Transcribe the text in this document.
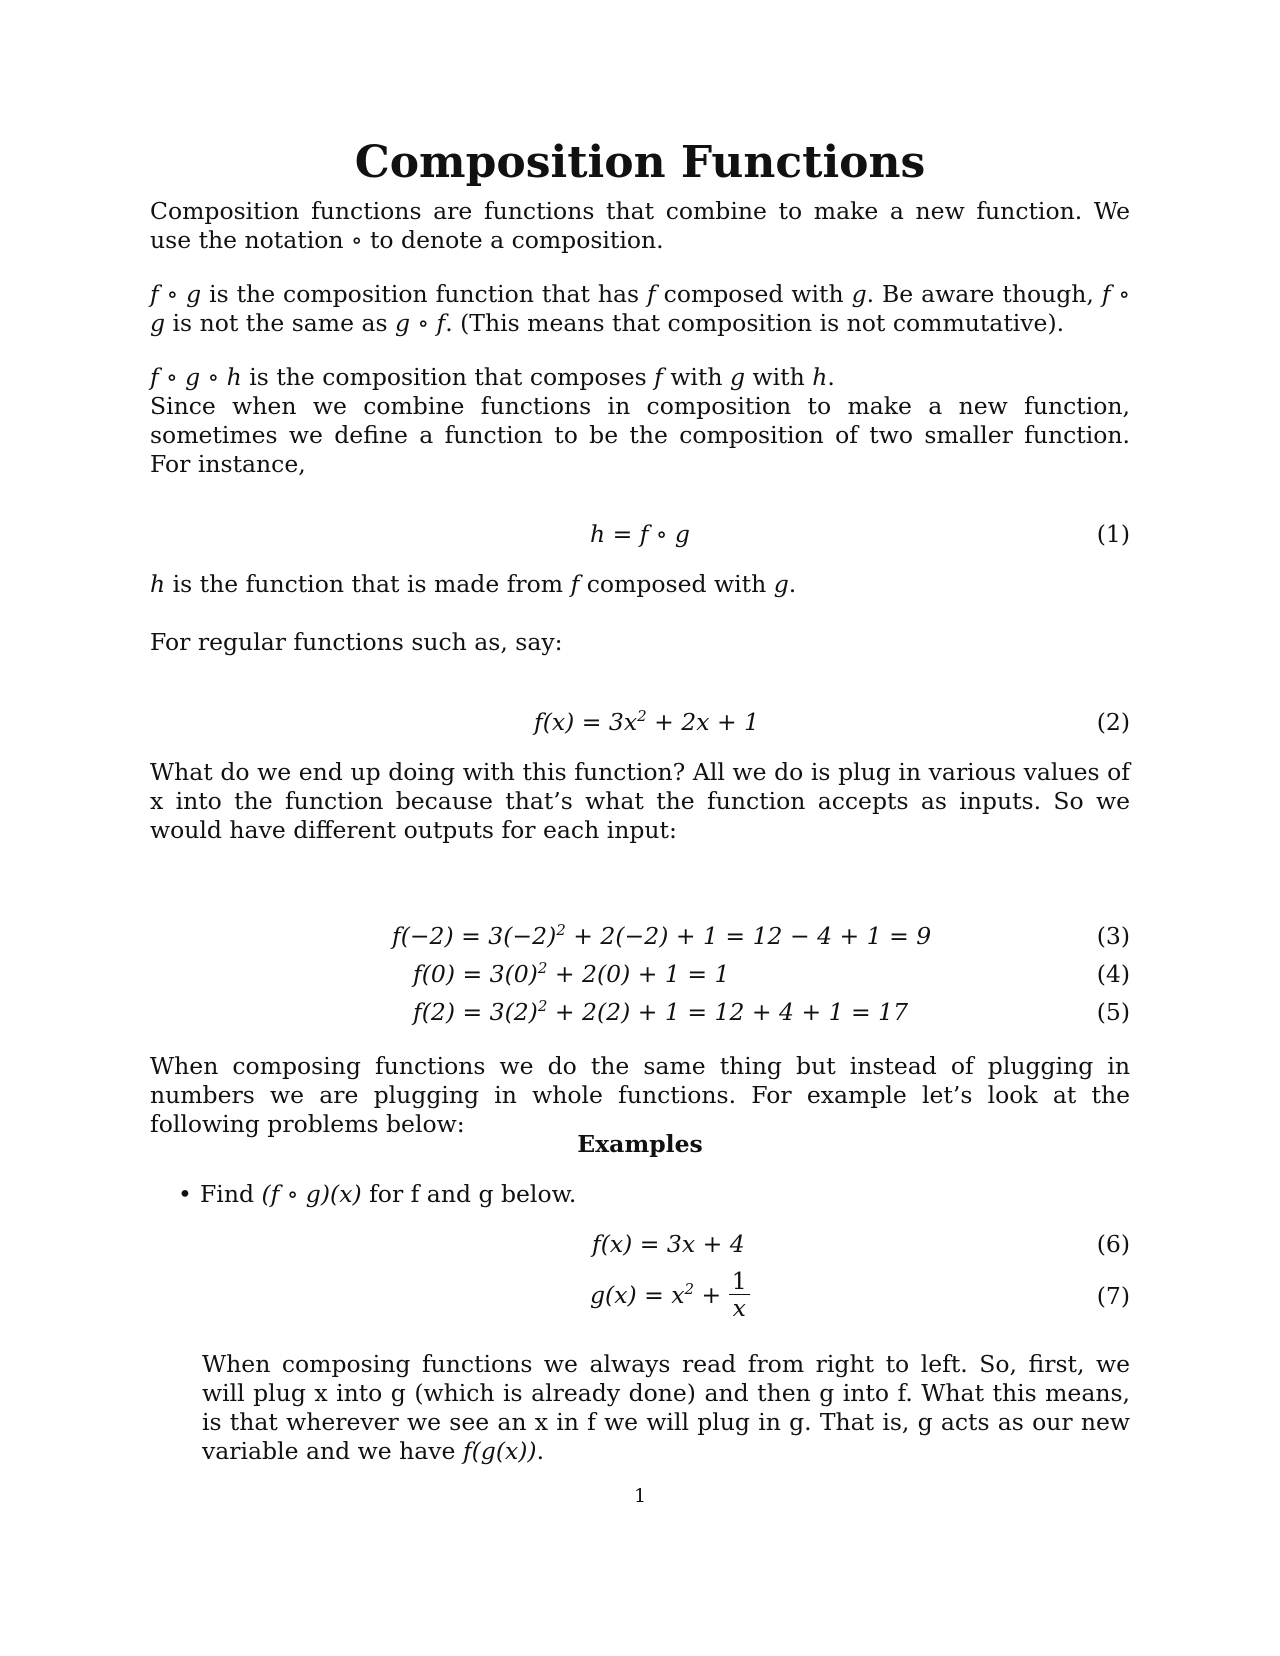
Composition Functions

Composition functions are functions that combine to make a new function. We use the notation ∘ to denote a composition.

f ∘ g is the composition function that has f composed with g. Be aware though, f ∘ g is not the same as g ∘ f. (This means that composition is not commutative).

f ∘ g ∘ h is the composition that composes f with g with h.

Since when we combine functions in composition to make a new function, sometimes we define a function to be the composition of two smaller function. For instance,

h = f ∘ g	(1)

h is the function that is made from f composed with g.

For regular functions such as, say:

$f(x) = 3x^2 + 2x + 1$	(2)

What do we end up doing with this function? All we do is plug in various values of x into the function because that’s what the function accepts as inputs. So we would have different outputs for each input:

$f(-2) = 3(-2)^2 + 2(-2) + 1 = 12 - 4 + 1 = 9$	(3)
$f(0) = 3(0)^2 + 2(0) + 1 = 1$	(4)
$f(2) = 3(2)^2 + 2(2) + 1 = 12 + 4 + 1 = 17$	(5)

When composing functions we do the same thing but instead of plugging in numbers we are plugging in whole functions. For example let’s look at the following problems below:

Examples
• Find (f ∘ g)(x) for f and g below.
f(x) = 3x + 4	(6)
$g(x) = x^2 + \frac{1}{x}$	(7)

When composing functions we always read from right to left. So, first, we will plug x into g (which is already done) and then g into f. What this means, is that wherever we see an x in f we will plug in g. That is, g acts as our new variable and we have f(g(x)).

1
